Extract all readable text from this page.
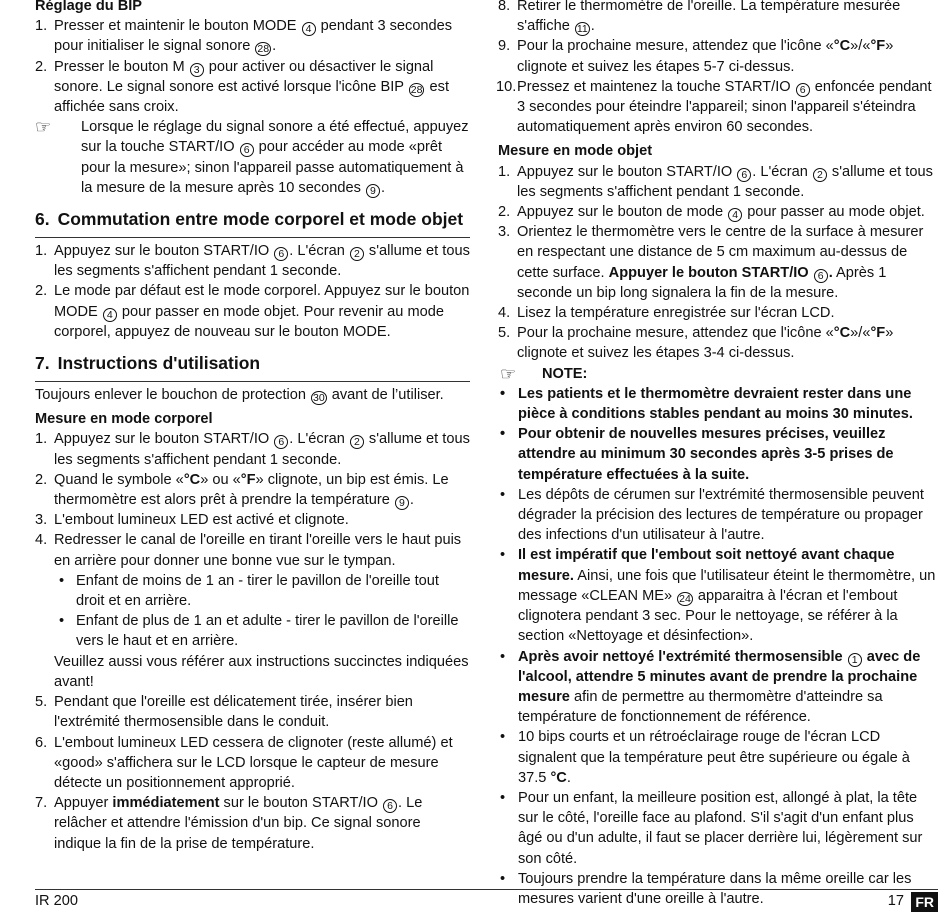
Réglage du BIP

1. Presser et maintenir le bouton MODE 4 pendant 3 secondes pour initialiser le signal sonore 28 .
2. Presser le bouton M 3 pour activer ou désactiver le signal sonore. Le signal sonore est activé lorsque l'icône BIP 28 est affichée sans croix.
☞ Lorsque le réglage du signal sonore a été effectué, appuyez sur la touche START/IO 6 pour accéder au mode «prêt pour la mesure»; sinon l'appareil passe automatiquement à la mesure de la mesure après 10 secondes 9 .
6. Commutation entre mode corporel et mode objet
1. Appuyez sur le bouton START/IO 6 . L'écran 2 s'allume et tous les segments s'affichent pendant 1 seconde.
2. Le mode par défaut est le mode corporel. Appuyez sur le bouton MODE 4 pour passer en mode objet. Pour revenir au mode corporel, appuyez de nouveau sur le bouton MODE.
7. Instructions d'utilisation

Toujours enlever le bouchon de protection 30 avant de l’utiliser.

Mesure en mode corporel

1. Appuyez sur le bouton START/IO 6 . L'écran 2 s'allume et tous les segments s'affichent pendant 1 seconde.
2. Quand le symbole «°C» ou «°F» clignote, un bip est émis. Le thermomètre est alors prêt à prendre la température 9 .
3. L'embout lumineux LED est activé et clignote.
4. Redresser le canal de l'oreille en tirant l'oreille vers le haut puis en arrière pour donner une bonne vue sur le tympan.
• Enfant de moins de 1 an - tirer le pavillon de l'oreille tout droit et en arrière.
• Enfant de plus de 1 an et adulte - tirer le pavillon de l'oreille vers le haut et en arrière.
Veuillez aussi vous référer aux instructions succinctes indiquées avant!
5. Pendant que l'oreille est délicatement tirée, insérer bien l'extrémité thermosensible dans le conduit.
6. L'embout lumineux LED cessera de clignoter (reste allumé) et «good» s'affichera sur le LCD lorsque le capteur de mesure détecte un positionnement approprié.
7. Appuyer immédiatement sur le bouton START/IO 6 . Le relâcher et attendre l'émission d'un bip. Ce signal sonore indique la fin de la prise de température.
8. Retirer le thermomètre de l'oreille. La température mesurée s'affiche 11 .
9. Pour la prochaine mesure, attendez que l'icône «°C»/«°F» clignote et suivez les étapes 5-7 ci-dessus.
10. Pressez et maintenez la touche START/IO 6 enfoncée pendant 3 secondes pour éteindre l'appareil; sinon l'appareil s'éteindra automatiquement après environ 60 secondes.

Mesure en mode objet

1. Appuyez sur le bouton START/IO 6 . L'écran 2 s'allume et tous les segments s'affichent pendant 1 seconde.
2. Appuyez sur le bouton de mode 4 pour passer au mode objet.
3. Orientez le thermomètre vers le centre de la surface à mesurer en respectant une distance de 5 cm maximum au-dessus de cette surface. Appuyer le bouton START/IO 6 . Après 1 seconde un bip long signalera la fin de la mesure.
4. Lisez la température enregistrée sur l'écran LCD.
5. Pour la prochaine mesure, attendez que l'icône «°C»/«°F» clignote et suivez les étapes 3-4 ci-dessus.
☞ NOTE:
• Les patients et le thermomètre devraient rester dans une pièce à conditions stables pendant au moins 30 minutes.
• Pour obtenir de nouvelles mesures précises, veuillez attendre au minimum 30 secondes après 3-5 prises de température effectuées à la suite.
• Les dépôts de cérumen sur l'extrémité thermosensible peuvent dégrader la précision des lectures de température ou propager des infections d'un utilisateur à l'autre.
• Il est impératif que l'embout soit nettoyé avant chaque mesure. Ainsi, une fois que l'utilisateur éteint le thermomètre, un message «CLEAN ME» 24 apparaitra à l'écran et l'embout clignotera pendant 3 sec. Pour le nettoyage, se référer à la section «Nettoyage et désinfection».
• Après avoir nettoyé l'extrémité thermosensible 1 avec de l'alcool, attendre 5 minutes avant de prendre la prochaine mesure afin de permettre au thermomètre d'atteindre sa température de fonctionnement de référence.
• 10 bips courts et un rétroéclairage rouge de l'écran LCD signalent que la température peut être supérieure ou égale à 37.5 °C.
• Pour un enfant, la meilleure position est, allongé à plat, la tête sur le côté, l'oreille face au plafond. S'il s'agit d'un enfant plus âgé ou d'un adulte, il faut se placer derrière lui, légèrement sur son côté.
• Toujours prendre la température dans la même oreille car les mesures varient d'une oreille à l'autre.
IR 200	17 FR
